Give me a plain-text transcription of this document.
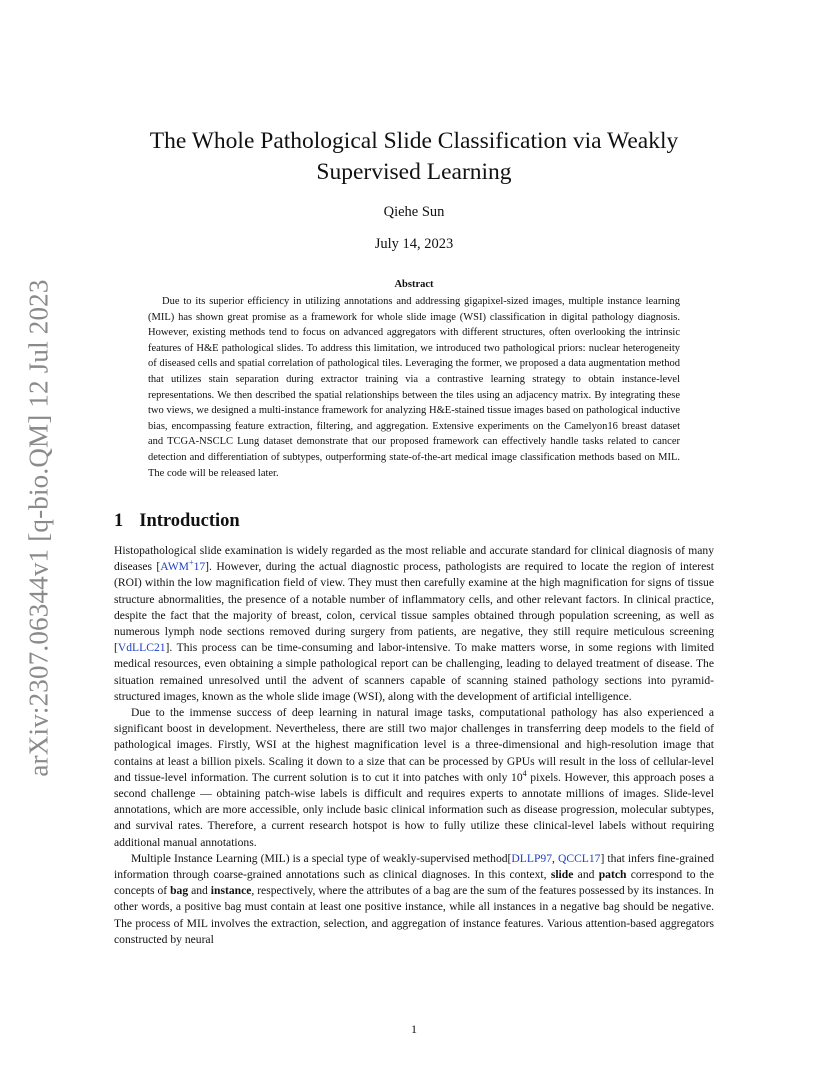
arXiv:2307.06344v1 [q-bio.QM] 12 Jul 2023
The Whole Pathological Slide Classification via Weakly Supervised Learning
Qiehe Sun
July 14, 2023
Abstract

Due to its superior efficiency in utilizing annotations and addressing gigapixel-sized images, multiple instance learning (MIL) has shown great promise as a framework for whole slide image (WSI) classification in digital pathology diagnosis. However, existing methods tend to focus on advanced aggregators with different structures, often overlooking the intrinsic features of H&E pathological slides. To address this limitation, we introduced two pathological priors: nuclear heterogeneity of diseased cells and spatial correlation of pathological tiles. Leveraging the former, we proposed a data augmentation method that utilizes stain separation during extractor training via a contrastive learning strategy to obtain instance-level representations. We then described the spatial relationships between the tiles using an adjacency matrix. By integrating these two views, we designed a multi-instance framework for analyzing H&E-stained tissue images based on pathological inductive bias, encompassing feature extraction, filtering, and aggregation. Extensive experiments on the Camelyon16 breast dataset and TCGA-NSCLC Lung dataset demonstrate that our proposed framework can effectively handle tasks related to cancer detection and differentiation of subtypes, outperforming state-of-the-art medical image classification methods based on MIL. The code will be released later.

1 Introduction

Histopathological slide examination is widely regarded as the most reliable and accurate standard for clinical diagnosis of many diseases [AWM+17]. However, during the actual diagnostic process, pathologists are required to locate the region of interest (ROI) within the low magnification field of view. They must then carefully examine at the high magnification for signs of tissue structure abnormalities, the presence of a notable number of inflammatory cells, and other relevant factors. In clinical practice, despite the fact that the majority of breast, colon, cervical tissue samples obtained through population screening, as well as numerous lymph node sections removed during surgery from patients, are negative, they still require meticulous screening [VdLLC21]. This process can be time-consuming and labor-intensive. To make matters worse, in some regions with limited medical resources, even obtaining a simple pathological report can be challenging, leading to delayed treatment of disease. The situation remained unresolved until the advent of scanners capable of scanning stained pathology sections into pyramid-structured images, known as the whole slide image (WSI), along with the development of artificial intelligence.

Due to the immense success of deep learning in natural image tasks, computational pathology has also experienced a significant boost in development. Nevertheless, there are still two major challenges in transferring deep models to the field of pathological images. Firstly, WSI at the highest magnification level is a three-dimensional and high-resolution image that contains at least a billion pixels. Scaling it down to a size that can be processed by GPUs will result in the loss of cellular-level and tissue-level information. The current solution is to cut it into patches with only $10^4$ pixels. However, this approach poses a second challenge –– obtaining patch-wise labels is difficult and requires experts to annotate millions of images. Slide-level annotations, which are more accessible, only include basic clinical information such as disease progression, molecular subtypes, and survival rates. Therefore, a current research hotspot is how to fully utilize these clinical-level labels without requiring additional manual annotations.

Multiple Instance Learning (MIL) is a special type of weakly-supervised method[DLLP97, QCCL17] that infers fine-grained information through coarse-grained annotations such as clinical diagnoses. In this context, slide and patch correspond to the concepts of bag and instance, respectively, where the attributes of a bag are the sum of the features possessed by its instances. In other words, a positive bag must contain at least one positive instance, while all instances in a negative bag should be negative. The process of MIL involves the extraction, selection, and aggregation of instance features. Various attention-based aggregators constructed by neural

1
